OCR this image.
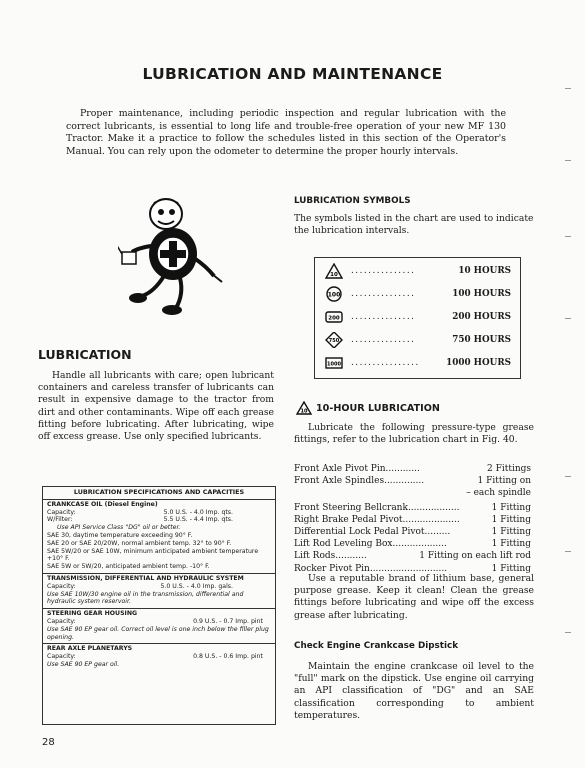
LUBRICATION AND MAINTENANCE
Proper maintenance, including periodic inspection and regular lubrication with the correct lubricants, is essential to long life and trouble-free operation of your new MF 130 Tractor. Make it a practice to follow the schedules listed in this section of the Operator's Manual. You can rely upon the odometer to determine the proper hourly intervals.
LUBRICATION SYMBOLS
The symbols listed in the chart are used to indicate the lubrication intervals.
10 ...............	10 HOURS
100 ...............	100 HOURS
200 ...............	200 HOURS
750 ...............	750 HOURS
1000 ................	1000 HOURS
LUBRICATION
Handle all lubricants with care; open lubricant containers and careless transfer of lubricants can result in expensive damage to the tractor from dirt and other contaminants. Wipe off each grease fitting before lubricating. After lubricating, wipe off excess grease. Use only specified lubricants.
LUBRICATION SPECIFICATIONS AND CAPACITIES
CRANKCASE OIL (Diesel Engine)
Capacity:	5.0 U.S. - 4.0 Imp. qts.
W/Filter:	5.5 U.S. - 4.4 Imp. qts.
Use API Service Class "DG" oil or better.
SAE 30, daytime temperature exceeding 90° F.
SAE 20 or SAE 20/20W, normal ambient temp. 32° to 90° F.
SAE 5W/20 or SAE 10W, minimum anticipated ambient temperature +10° F.
SAE 5W or 5W/20, anticipated ambient temp. -10° F.
TRANSMISSION, DIFFERENTIAL AND HYDRAULIC SYSTEM
Capacity:	5.0 U.S. - 4.0 Imp. gals.
Use SAE 10W/30 engine oil in the transmission, differential and hydraulic system reservoir.
STEERING GEAR HOUSING
Capacity:	0.9 U.S. - 0.7 Imp. pint
Use SAE 90 EP gear oil. Correct oil level is one inch below the filler plug opening.
REAR AXLE PLANETARYS
Capacity:	0.8 U.S. - 0.6 Imp. pint
Use SAE 90 EP gear oil.
10 10-HOUR LUBRICATION
Lubricate the following pressure-type grease fittings, refer to the lubrication chart in Fig. 40.
Front Axle Pivot Pin ............	2 Fittings
Front Axle Spindles ..............	1 Fitting on
– each spindle
Front Steering Bellcrank ..................	1 Fitting
Right Brake Pedal Pivot ....................	1 Fitting
Differential Lock Pedal Pivot .........	1 Fitting
Lift Rod Leveling Box ...................	1 Fitting
Lift Rods ...........	1 Fitting on each lift rod
Rocker Pivot Pin ...........................	1 Fitting
Use a reputable brand of lithium base, general purpose grease. Keep it clean! Clean the grease fittings before lubricating and wipe off the excess grease after lubricating.
Check Engine Crankcase Dipstick
Maintain the engine crankcase oil level to the "full" mark on the dipstick. Use engine oil carrying an API classification of "DG" and an SAE classification corresponding to ambient temperatures.
28
